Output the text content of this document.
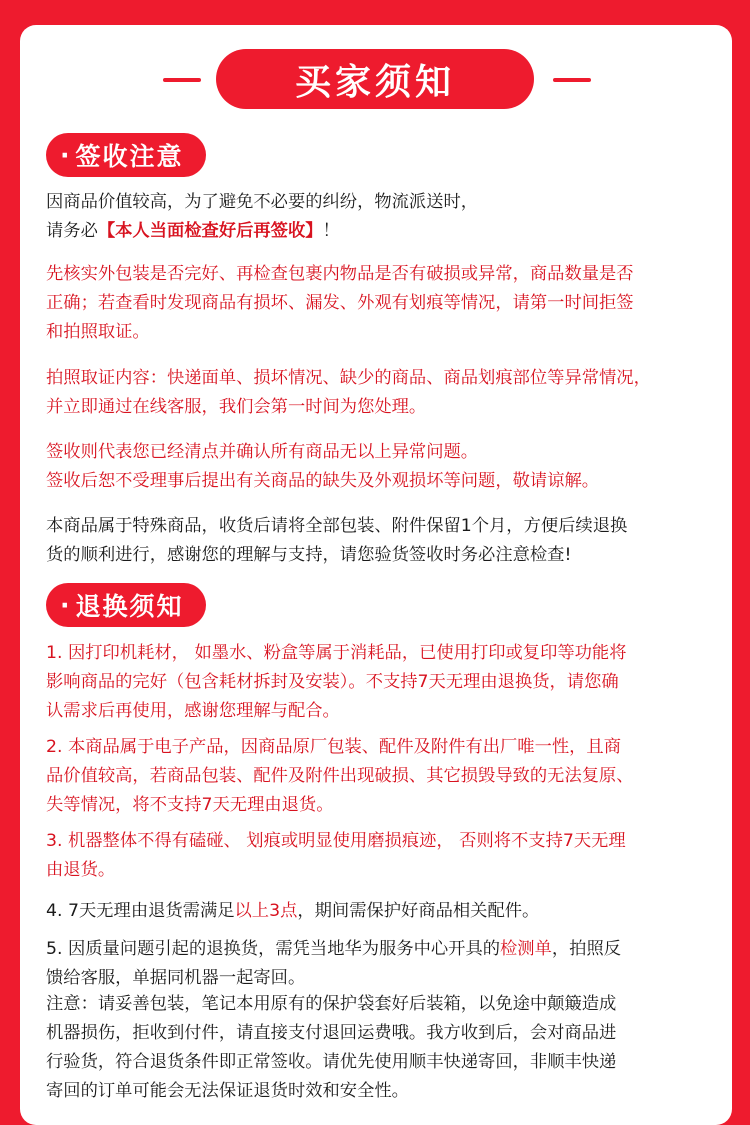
买家须知
· 签收注意
因商品价值较高，为了避免不必要的纠纷，物流派送时，
请务必【本人当面检查好后再签收】！
先核实外包装是否完好、再检查包裹内物品是否有破损或异常，商品数量是否
正确；若查看时发现商品有损坏、漏发、外观有划痕等情况，请第一时间拒签
和拍照取证。
拍照取证内容：快递面单、损坏情况、缺少的商品、商品划痕部位等异常情况，
并立即通过在线客服，我们会第一时间为您处理。
签收则代表您已经清点并确认所有商品无以上异常问题。
签收后恕不受理事后提出有关商品的缺失及外观损坏等问题，敬请谅解。
本商品属于特殊商品，收货后请将全部包装、附件保留1个月，方便后续退换
货的顺利进行，感谢您的理解与支持，请您验货签收时务必注意检查!
· 退换须知
1. 因打印机耗材， 如墨水、粉盒等属于消耗品，已使用打印或复印等功能将
影响商品的完好（包含耗材拆封及安装）。不支持7天无理由退换货，请您确
认需求后再使用，感谢您理解与配合。
2. 本商品属于电子产品，因商品原厂包装、配件及附件有出厂唯一性，且商
品价值较高，若商品包装、配件及附件出现破损、其它损毁导致的无法复原、
失等情况，将不支持7天无理由退货。
3. 机器整体不得有磕碰、 划痕或明显使用磨损痕迹， 否则将不支持7天无理
由退货。
4. 7天无理由退货需满足以上3点，期间需保护好商品相关配件。
5. 因质量问题引起的退换货，需凭当地华为服务中心开具的检测单，拍照反
馈给客服，单据同机器一起寄回。
注意：请妥善包装，笔记本用原有的保护袋套好后装箱，以免途中颠簸造成
机器损伤，拒收到付件，请直接支付退回运费哦。我方收到后，会对商品进
行验货，符合退货条件即正常签收。请优先使用顺丰快递寄回，非顺丰快递
寄回的订单可能会无法保证退货时效和安全性。
